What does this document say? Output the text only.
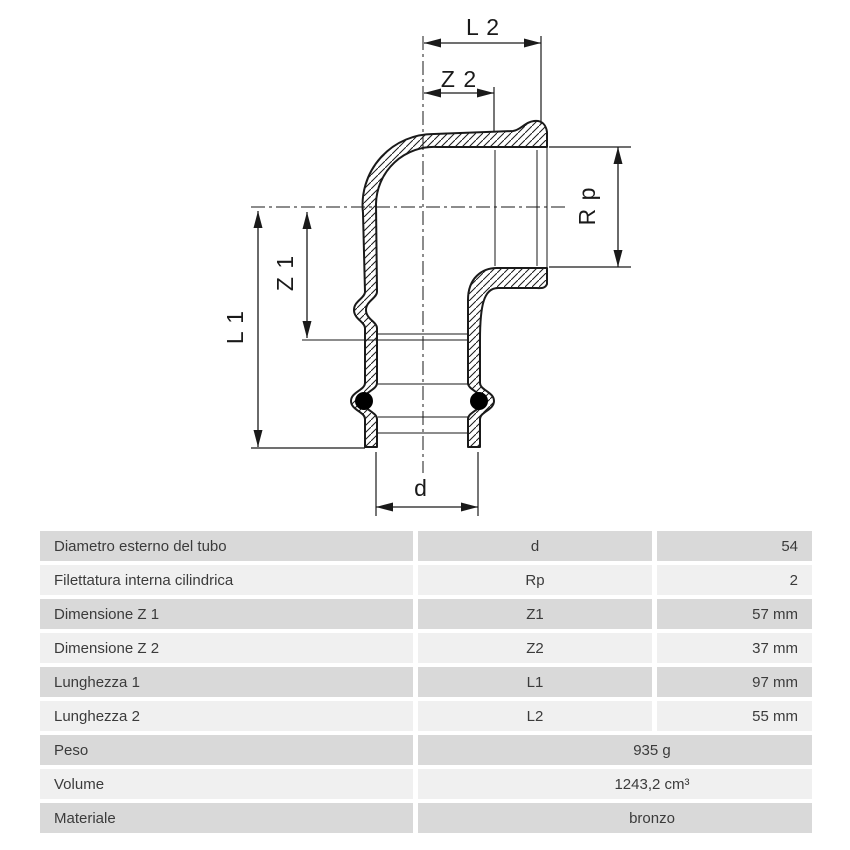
L 2
Z 2
Z 1
L 1
R p
d
Diametro esterno del tubo	d	54
Filettatura interna cilindrica	Rp	2
Dimensione Z 1	Z1	57 mm
Dimensione Z 2	Z2	37 mm
Lunghezza 1	L1	97 mm
Lunghezza 2	L2	55 mm
Peso	935 g
Volume	1243,2 cm³
Materiale	bronzo
